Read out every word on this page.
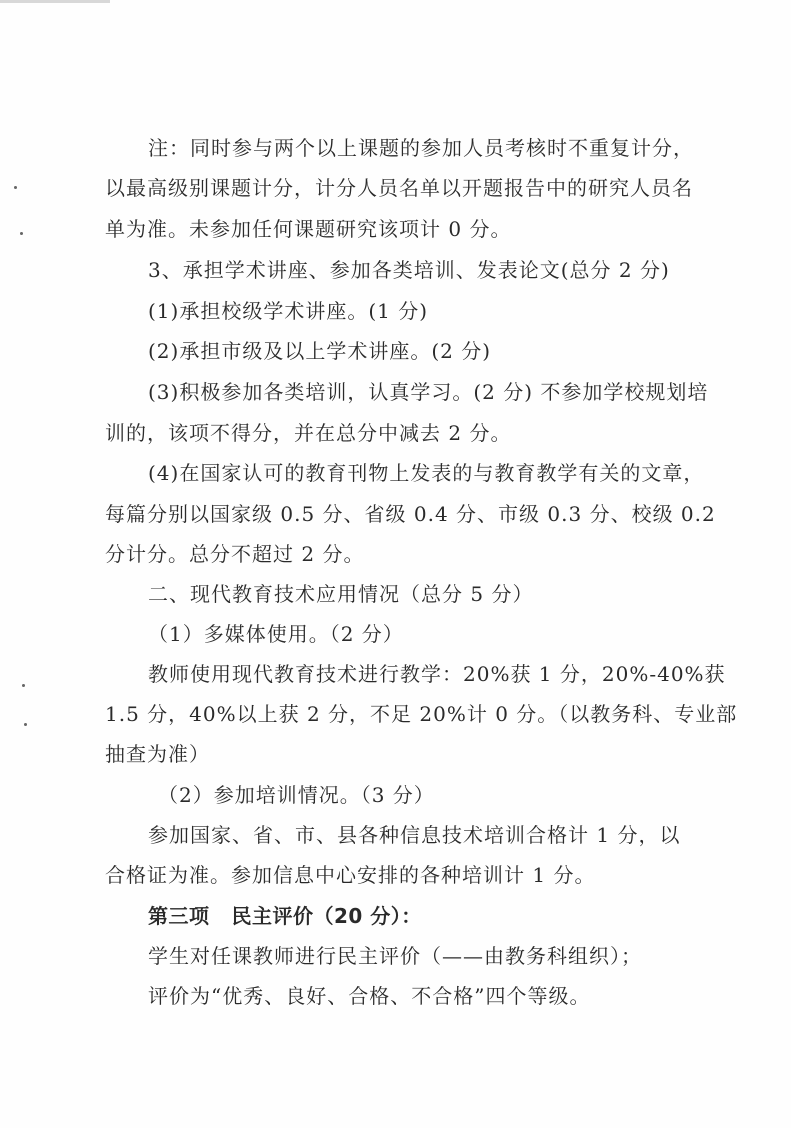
注：同时参与两个以上课题的参加人员考核时不重复计分，
以最高级别课题计分，计分人员名单以开题报告中的研究人员名
单为准。未参加任何课题研究该项计 0 分。
3、承担学术讲座、参加各类培训、发表论文(总分 2 分)
(1)承担校级学术讲座。(1 分)
(2)承担市级及以上学术讲座。(2 分)
(3)积极参加各类培训，认真学习。(2 分) 不参加学校规划培
训的，该项不得分，并在总分中减去 2 分。
(4)在国家认可的教育刊物上发表的与教育教学有关的文章，
每篇分别以国家级 0.5 分、省级 0.4 分、市级 0.3 分、校级 0.2
分计分。总分不超过 2 分。
二、现代教育技术应用情况（总分 5 分）
（1）多媒体使用。（2 分）
教师使用现代教育技术进行教学：20%获 1 分，20%-40%获
1.5 分，40%以上获 2 分，不足 20%计 0 分。（以教务科、专业部
抽查为准）
（2）参加培训情况。（3 分）
参加国家、省、市、县各种信息技术培训合格计 1 分，以
合格证为准。参加信息中心安排的各种培训计 1 分。
第三项 民主评价（20 分）：
学生对任课教师进行民主评价（——由教务科组织）；
评价为“优秀、良好、合格、不合格”四个等级。
